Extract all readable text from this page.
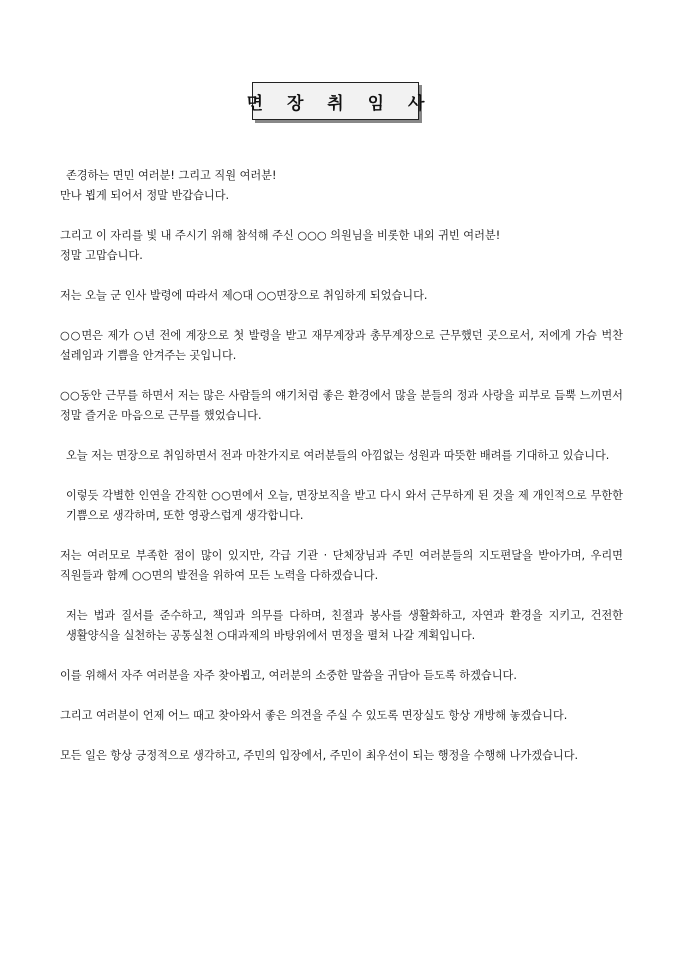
면 장 취 임 사

존경하는 면민 여러분! 그리고 직원 여러분!

만나 뵙게 되어서 정말 반갑습니다.

그리고 이 자리를 빛 내 주시기 위해 참석해 주신 ○○○ 의원님을 비롯한 내외 귀빈 여러분!
정말 고맙습니다.

저는 오늘 군 인사 발령에 따라서 제○대 ○○면장으로 취임하게 되었습니다.

○○면은 제가 ○년 전에 계장으로 첫 발령을 받고 재무계장과 총무계장으로 근무했던 곳으로서, 저에게 가슴 벅찬 설레임과 기쁨을 안겨주는 곳입니다.

○○동안 근무를 하면서 저는 많은 사람들의 얘기처럼 좋은 환경에서 많을 분들의 정과 사랑을 피부로 듬뿍 느끼면서 정말 즐거운 마음으로 근무를 했었습니다.

오늘 저는 면장으로 취임하면서 전과 마찬가지로 여러분들의 아낌없는 성원과 따뜻한 배려를 기대하고 있습니다.

이렇듯 각별한 인연을 간직한 ○○면에서 오늘, 면장보직을 받고 다시 와서 근무하게 된 것을 제 개인적으로 무한한 기쁨으로 생각하며, 또한 영광스럽게 생각합니다.

저는 여러모로 부족한 점이 많이 있지만, 각급 기관 · 단체장님과 주민 여러분들의 지도편달을 받아가며, 우리면 직원들과 함께 ○○면의 발전을 위하여 모든 노력을 다하겠습니다.

저는 법과 질서를 준수하고, 책임과 의무를 다하며, 친절과 봉사를 생활화하고, 자연과 환경을 지키고, 건전한 생활양식을 실천하는 공통실천 ○대과제의 바탕위에서 면정을 펼쳐 나갈 계획입니다.

이를 위해서 자주 여러분을 자주 찾아뵙고, 여러분의 소중한 말씀을 귀담아 듣도록 하겠습니다.

그리고 여러분이 언제 어느 때고 찾아와서 좋은 의견을 주실 수 있도록 면장실도 항상 개방해 놓겠습니다.

모든 일은 항상 긍정적으로 생각하고, 주민의 입장에서, 주민이 최우선이 되는 행정을 수행해 나가겠습니다.
